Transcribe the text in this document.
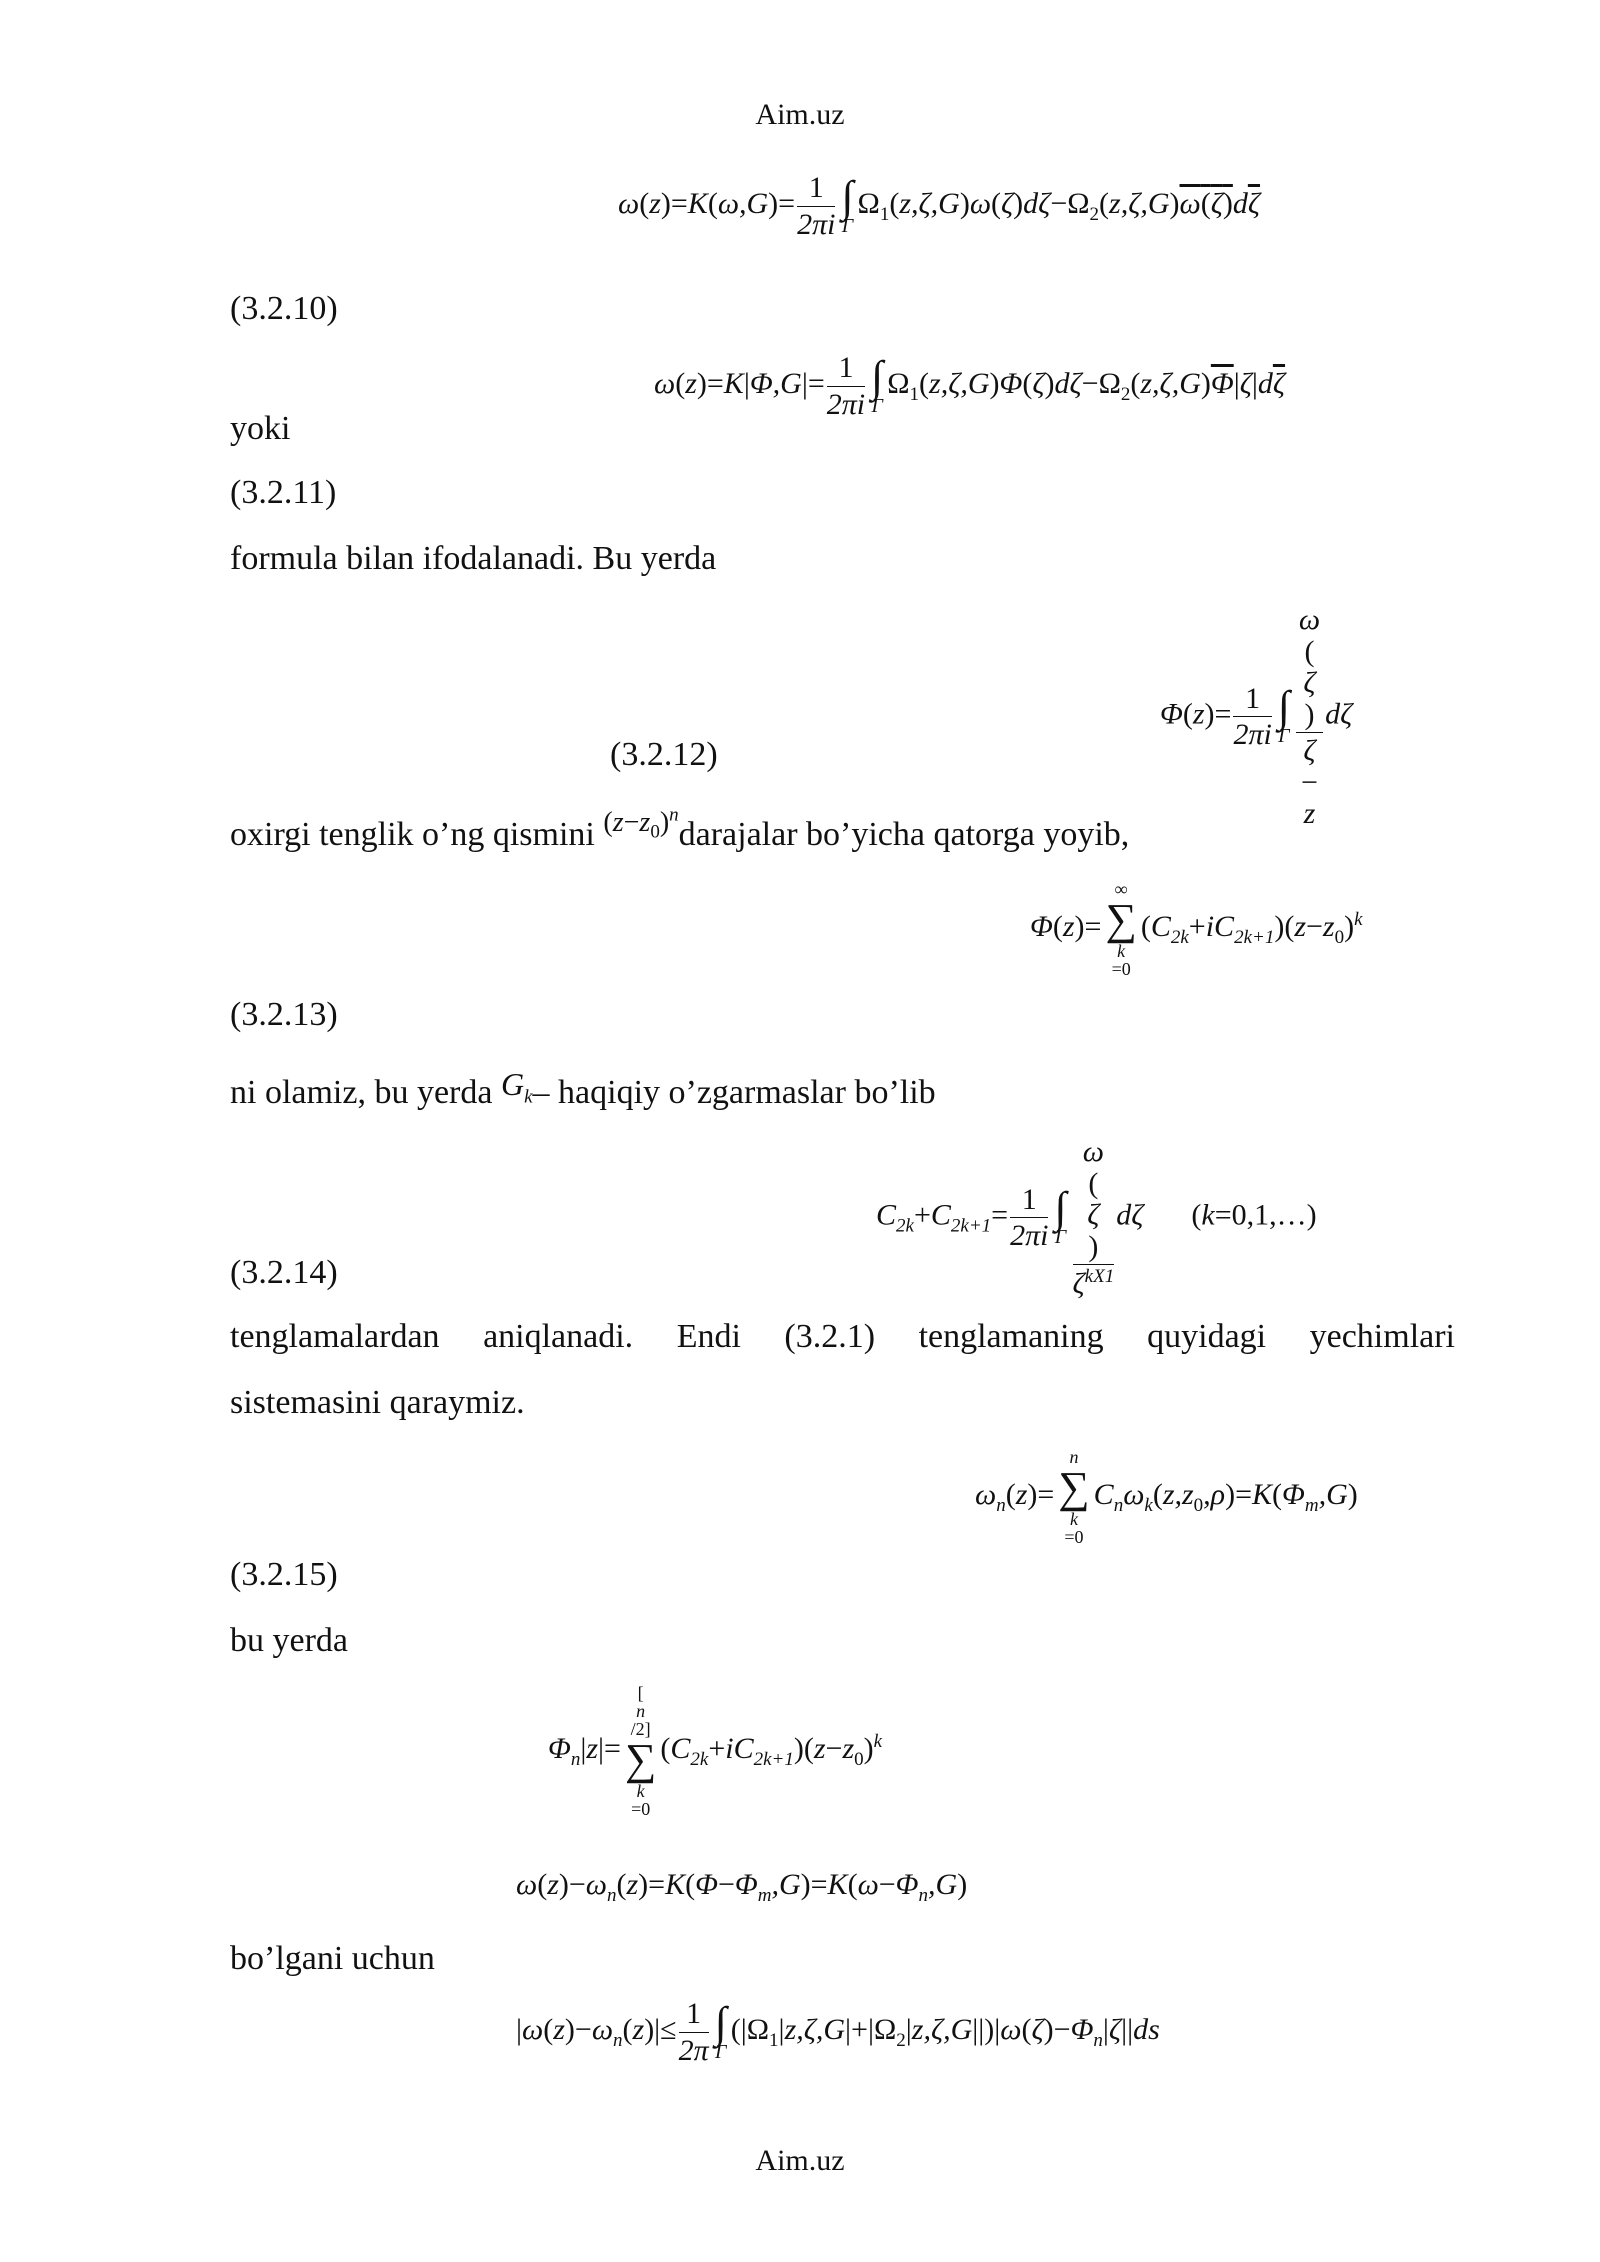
Aim.uz
$\omega(z)=K(\omega,G)= \frac{1}{2\pi i}$ ∫
Γ
$\Omega_1(z,\zeta,G)\omega(\zeta)d\zeta-\Omega_2(z,\zeta,G)\omega(\zeta)d\overline{\zeta}$
(3.2.10)
$\omega(z)=K|\Phi,G|= \frac{1}{2\pi i}$ ∫
Γ
$\Omega_1(z,\zeta,G)\Phi(\zeta)d\zeta-\Omega_2(z,\zeta,G)\overline{\Phi}|\zeta|d\overline{\zeta}$
yoki
(3.2.11)
formula bilan ifodalanadi. Bu yerda
$\Phi(z)= \frac{1}{2\pi i}$ ∫
Γ ω
(
ζ
)
ζ
−
z dζ
(3.2.12)
oxirgi tenglik o’ng qismini $^{(z-z_0)^n}$darajalar bo’yicha qatorga yoyib,
Φ(z)=
∞
∑
k
=0
$(C_{2k}+iC_{2k+1})(z-z_0)^k$
(3.2.13)
ni olamiz, bu yerda $G_k-$ haqiqiy o’zgarmaslar bo’lib
$C_{2k}+C_{2k+1}= \frac{1}{2\pi i}$ ∫
Γ ω
(
ζ
)
$\zeta^{kX1}$ dζ (k=0,1,…)
(3.2.14)
tenglamalardan aniqlanadi. Endi (3.2.1) tenglamaning quyidagi yechimlari
sistemasini qaraymiz.
$\omega_n(z)=$
n
∑
k
=0
$C_n\omega_k(z,z_0,\rho)=K(\Phi_m,G)$
(3.2.15)
bu yerda
$\Phi_n|z|=$
[
n
/2]
∑
k
=0
$(C_{2k}+iC_{2k+1})(z-z_0)^k$
$\omega(z)-\omega_n(z)=K(\Phi-\Phi_m,G)=K(\omega-\Phi_n,G)$
bo’lgani uchun
$|\omega(z)-\omega_n(z)|\le \frac{1}{2\pi}$ ∫
Γ
$(|\Omega_1|z,\zeta,G|+|\Omega_2|z,\zeta,G||)|\omega(\zeta)-\Phi_n|\zeta||ds$
Aim.uz
